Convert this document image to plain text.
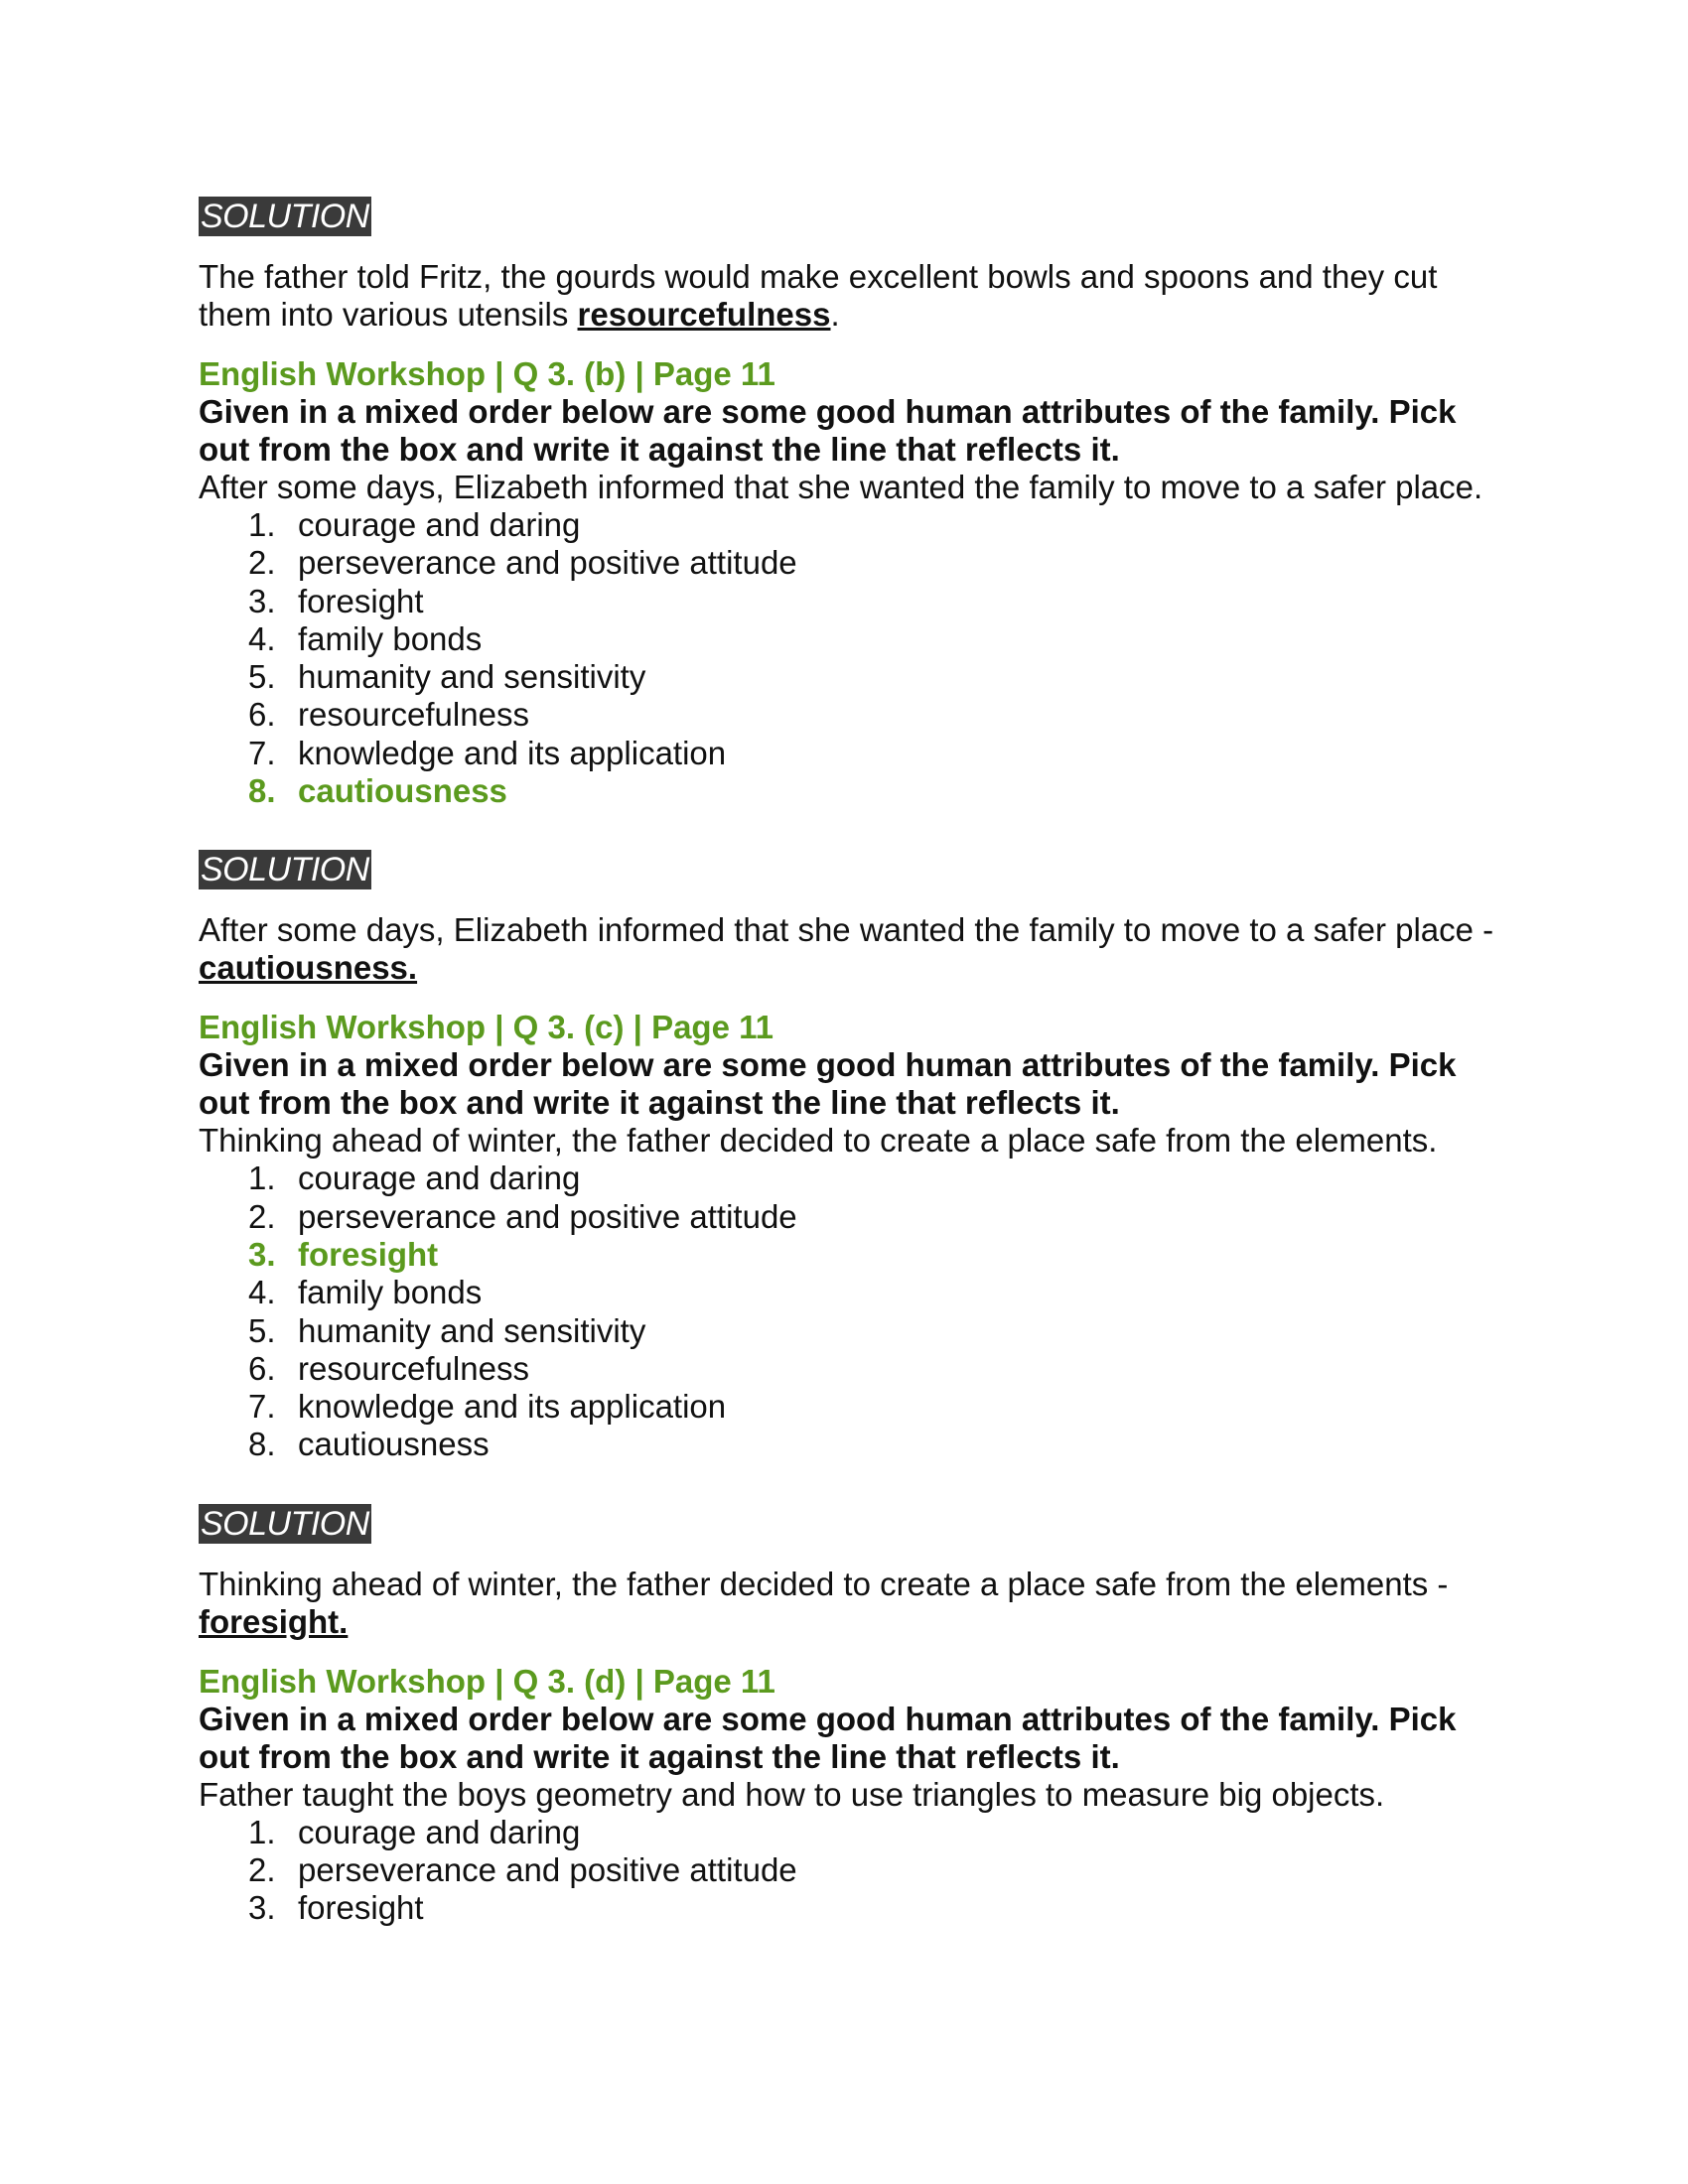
SOLUTION

The father told Fritz, the gourds would make excellent bowls and spoons and they cut them into various utensils resourcefulness.

English Workshop | Q 3. (b) | Page 11

Given in a mixed order below are some good human attributes of the family. Pick out from the box and write it against the line that reflects it.

After some days, Elizabeth informed that she wanted the family to move to a safer place.

1. courage and daring
2. perseverance and positive attitude
3. foresight
4. family bonds
5. humanity and sensitivity
6. resourcefulness
7. knowledge and its application
8. cautiousness
SOLUTION

After some days, Elizabeth informed that she wanted the family to move to a safer place - cautiousness.

English Workshop | Q 3. (c) | Page 11

Given in a mixed order below are some good human attributes of the family. Pick out from the box and write it against the line that reflects it.

Thinking ahead of winter, the father decided to create a place safe from the elements.

1. courage and daring
2. perseverance and positive attitude
3. foresight
4. family bonds
5. humanity and sensitivity
6. resourcefulness
7. knowledge and its application
8. cautiousness
SOLUTION

Thinking ahead of winter, the father decided to create a place safe from the elements - foresight.

English Workshop | Q 3. (d) | Page 11

Given in a mixed order below are some good human attributes of the family. Pick out from the box and write it against the line that reflects it.

Father taught the boys geometry and how to use triangles to measure big objects.

1. courage and daring
2. perseverance and positive attitude
3. foresight
